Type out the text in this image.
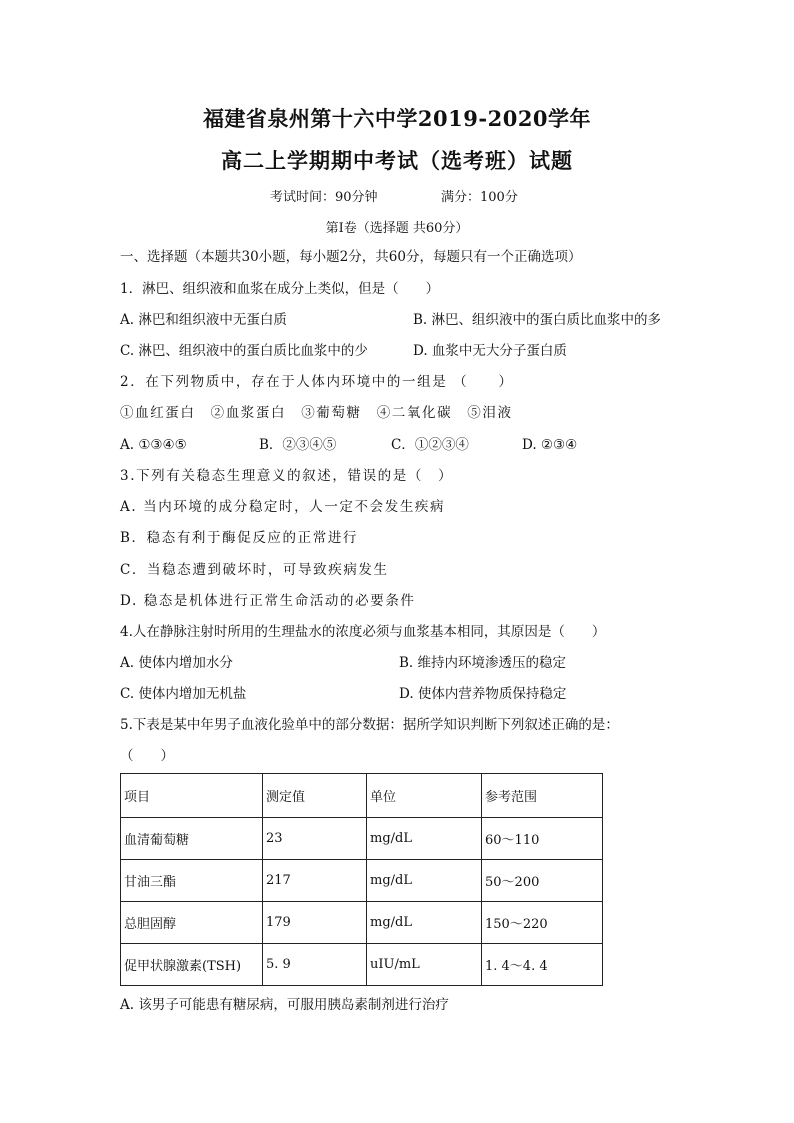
福建省泉州第十六中学2019-2020学年
高二上学期期中考试（选考班）试题
考试时间：90分钟	满分：100分
第Ⅰ卷（选择题 共60分）
一、选择题（本题共30小题，每小题2分，共60分，每题只有一个正确选项）
1．淋巴、组织液和血浆在成分上类似，但是（　　）
A. 淋巴和组织液中无蛋白质	B. 淋巴、组织液中的蛋白质比血浆中的多
C. 淋巴、组织液中的蛋白质比血浆中的少	D. 血浆中无大分子蛋白质
2．在下列物质中，存在于人体内环境中的一组是 （　　）
①血红蛋白　②血浆蛋白　③葡萄糖　④二氧化碳　⑤泪液
A. ①③④⑤	B．②③④⑤	C．①②③④	D. ②③④
3.下列有关稳态生理意义的叙述，错误的是（　）
A. 当内环境的成分稳定时，人一定不会发生疾病
B．稳态有利于酶促反应的正常进行
C．当稳态遭到破坏时，可导致疾病发生
D. 稳态是机体进行正常生命活动的必要条件
4.人在静脉注射时所用的生理盐水的浓度必须与血浆基本相同，其原因是（　　）
A. 使体内增加水分	B. 维持内环境渗透压的稳定
C. 使体内增加无机盐	D. 使体内营养物质保持稳定
5.下表是某中年男子血液化验单中的部分数据：据所学知识判断下列叙述正确的是：
（　　）
项目	测定值	单位	参考范围
血清葡萄糖	23	mg/dL	60～110
甘油三酯	217	mg/dL	50～200
总胆固醇	179	mg/dL	150～220
促甲状腺激素(TSH)	5. 9	uIU/mL	1. 4～4. 4
A. 该男子可能患有糖尿病，可服用胰岛素制剂进行治疗
